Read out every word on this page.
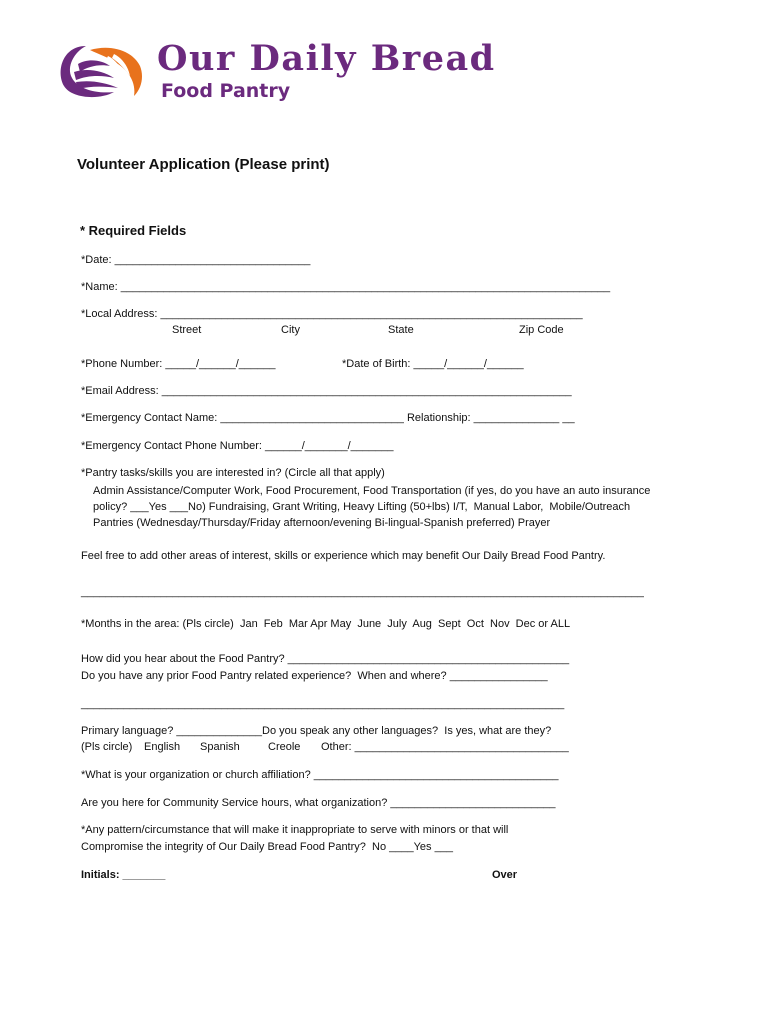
Our Daily Bread
Food Pantry
Volunteer Application (Please print)
* Required Fields
*Date: ________________________________
*Name: ________________________________________________________________________________
*Local Address: _____________________________________________________________________
Street	City	State	Zip Code
*Phone Number: _____/______/______	*Date of Birth: _____/______/______
*Email Address: ___________________________________________________________________
*Emergency Contact Name: ______________________________ Relationship: ______________ __
*Emergency Contact Phone Number: ______/_______/_______
*Pantry tasks/skills you are interested in? (Circle all that apply)
Admin Assistance/Computer Work, Food Procurement, Food Transportation (if yes, do you have an auto insurance
policy? ___Yes ___No) Fundraising, Grant Writing, Heavy Lifting (50+lbs) I/T,  Manual Labor,  Mobile/Outreach
Pantries (Wednesday/Thursday/Friday afternoon/evening Bi-lingual-Spanish preferred) Prayer
Feel free to add other areas of interest, skills or experience which may benefit Our Daily Bread Food Pantry.
____________________________________________________________________________________________
*Months in the area: (Pls circle)  Jan  Feb  Mar Apr May  June  July  Aug  Sept  Oct  Nov  Dec or ALL
How did you hear about the Food Pantry? ______________________________________________
Do you have any prior Food Pantry related experience?  When and where? ________________
_______________________________________________________________________________
Primary language? ______________Do you speak any other languages?  Is yes, what are they?
(Pls circle) English Spanish	Creole Other: ___________________________________
*What is your organization or church affiliation? ________________________________________
Are you here for Community Service hours, what organization? ___________________________
*Any pattern/circumstance that will make it inappropriate to serve with minors or that will
Compromise the integrity of Our Daily Bread Food Pantry?  No ____Yes ___
Initials: _______	Over
